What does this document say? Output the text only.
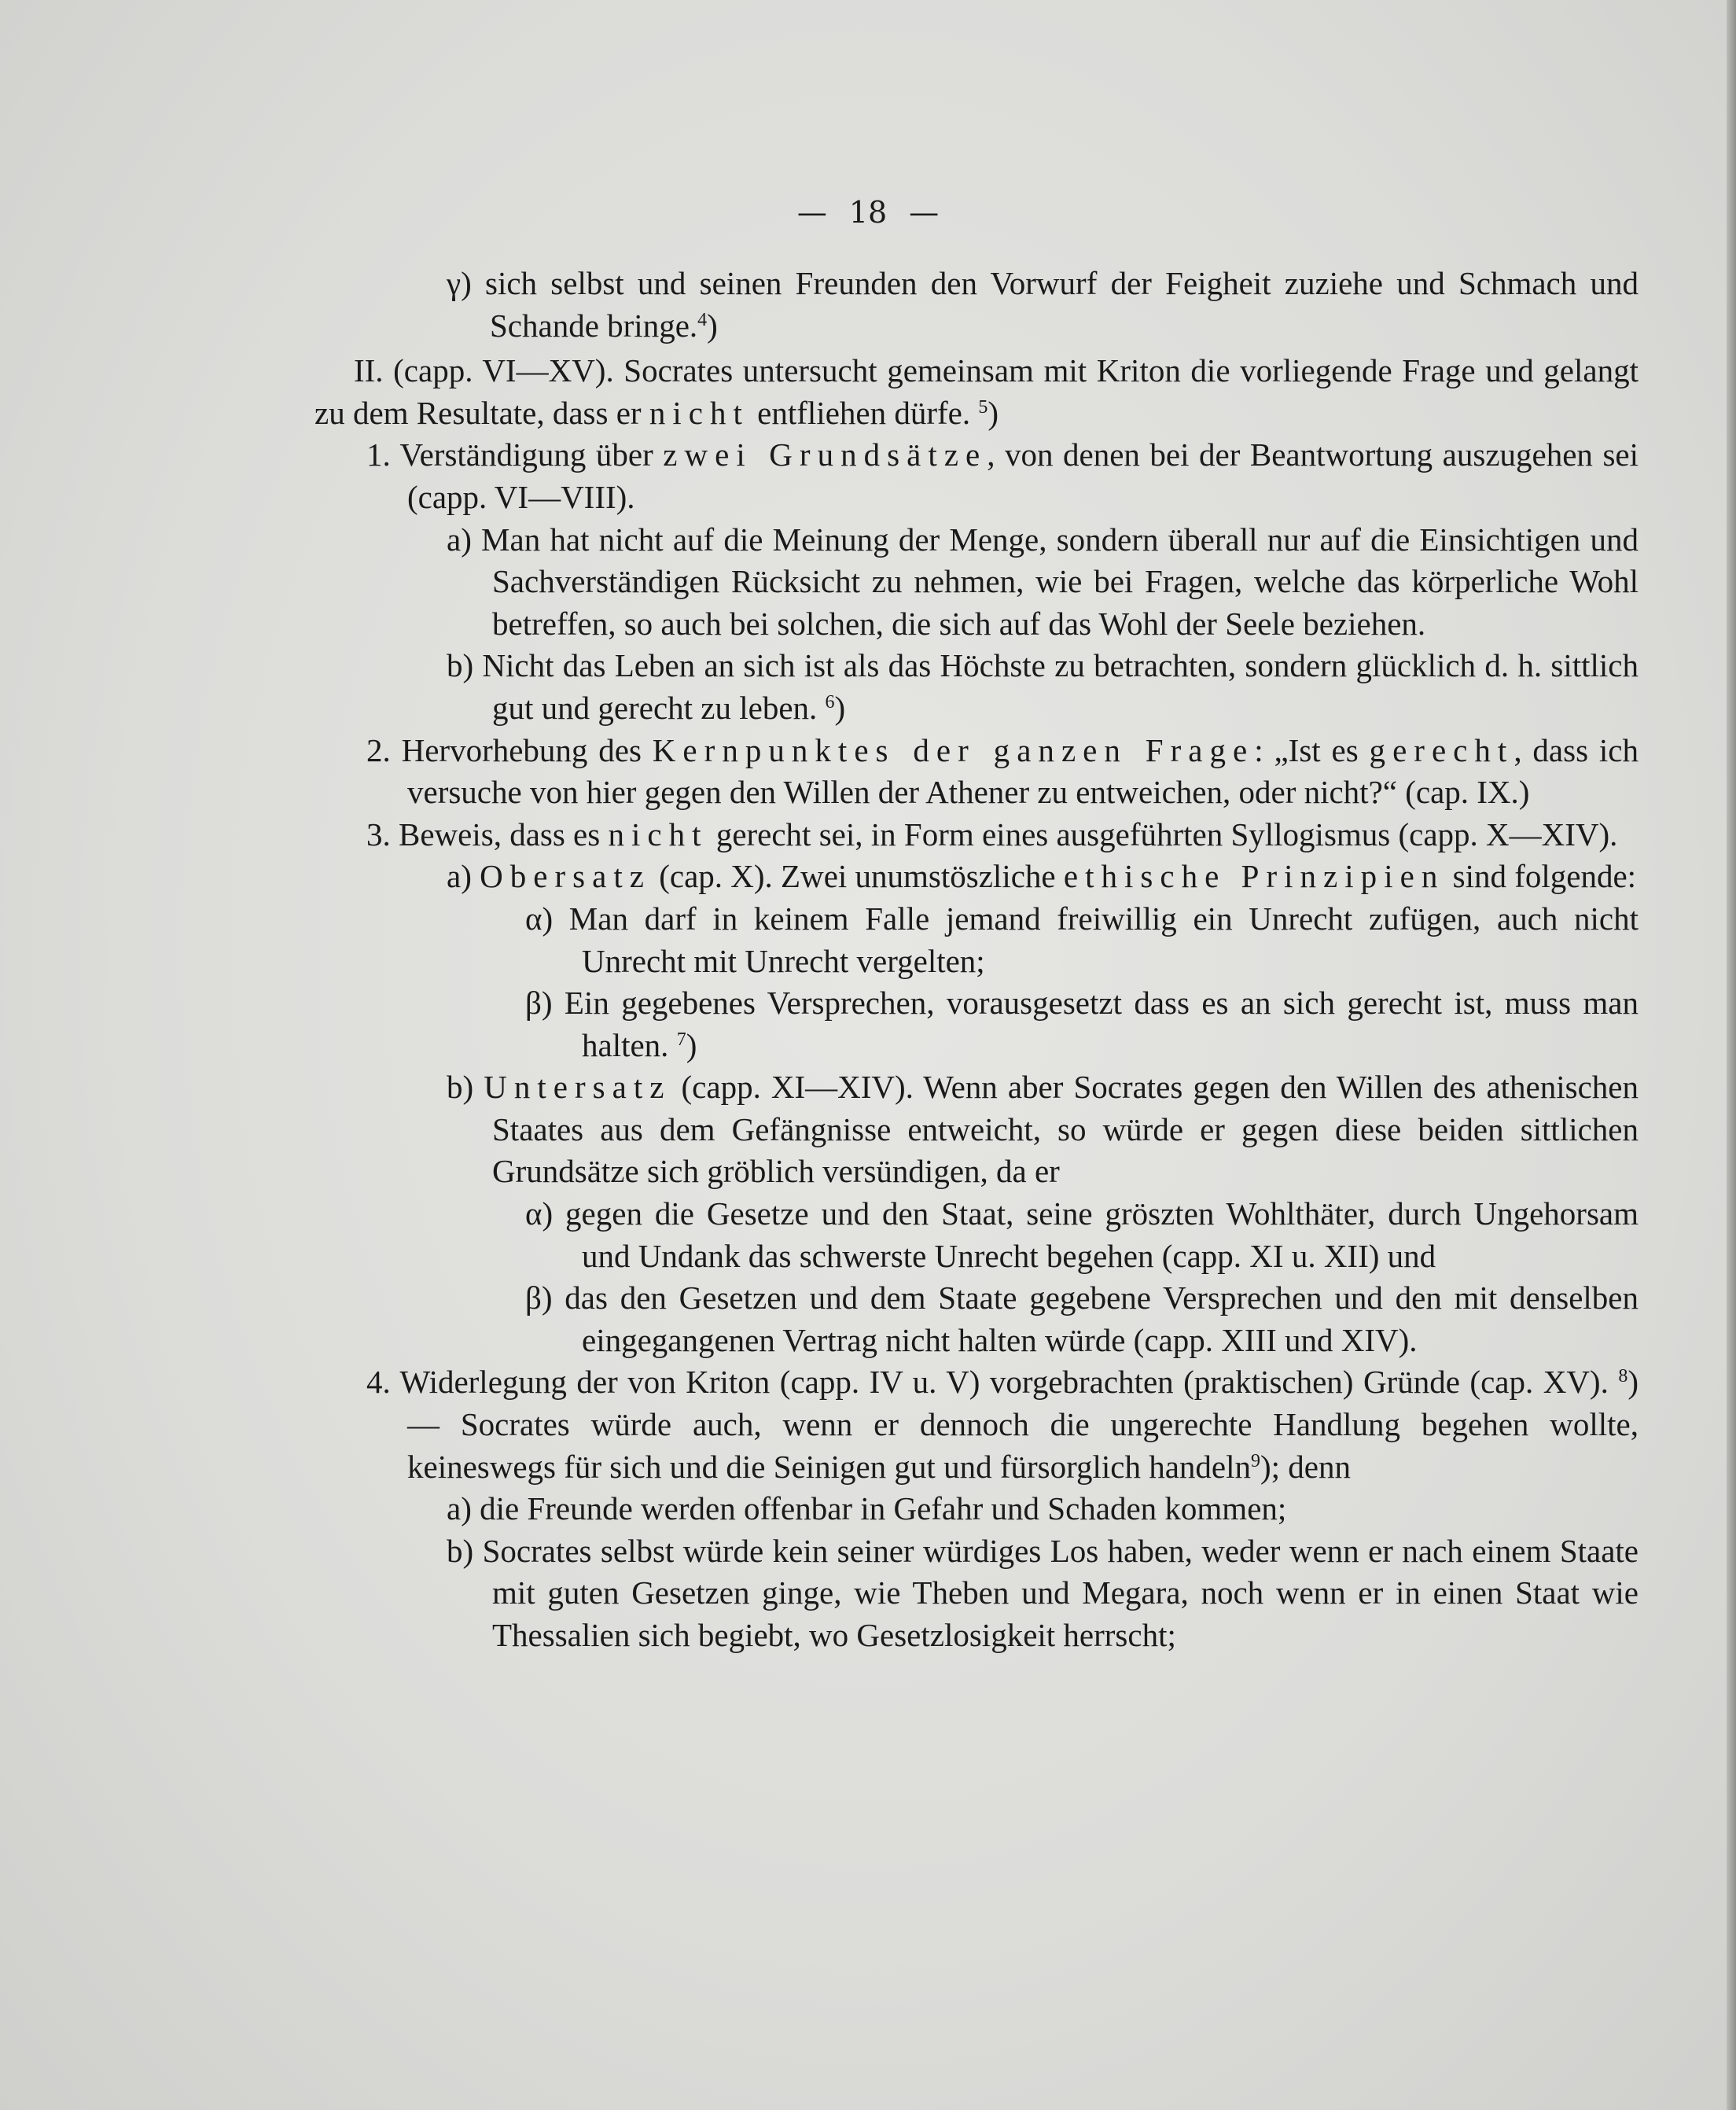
— 18 —
γ) sich selbst und seinen Freunden den Vorwurf der Feigheit zuziehe und Schmach und Schande bringe.$^4$)
II. (capp. VI—XV). Socrates untersucht gemeinsam mit Kriton die vorliegende Frage und gelangt zu dem Resultate, dass er nicht entfliehen dürfe. $^5$)
1. Verständigung über zwei Grundsätze, von denen bei der Beantwortung auszugehen sei (capp. VI—VIII).
a) Man hat nicht auf die Meinung der Menge, sondern überall nur auf die Einsichtigen und Sachverständigen Rücksicht zu nehmen, wie bei Fragen, welche das körperliche Wohl betreffen, so auch bei solchen, die sich auf das Wohl der Seele beziehen.
b) Nicht das Leben an sich ist als das Höchste zu betrachten, sondern glücklich d. h. sittlich gut und gerecht zu leben. $^6$)
2. Hervorhebung des Kernpunktes der ganzen Frage: „Ist es gerecht, dass ich versuche von hier gegen den Willen der Athener zu entweichen, oder nicht?“ (cap. IX.)
3. Beweis, dass es nicht gerecht sei, in Form eines ausgeführten Syllogismus (capp. X—XIV).
a) Obersatz (cap. X). Zwei unumstöszliche ethische Prinzipien sind folgende:
α) Man darf in keinem Falle jemand freiwillig ein Unrecht zufügen, auch nicht Unrecht mit Unrecht vergelten;
β) Ein gegebenes Versprechen, vorausgesetzt dass es an sich gerecht ist, muss man halten. $^7$)
b) Untersatz (capp. XI—XIV). Wenn aber Socrates gegen den Willen des athenischen Staates aus dem Gefängnisse entweicht, so würde er gegen diese beiden sittlichen Grundsätze sich gröblich versündigen, da er
α) gegen die Gesetze und den Staat, seine gröszten Wohlthäter, durch Ungehorsam und Undank das schwerste Unrecht begehen (capp. XI u. XII) und
β) das den Gesetzen und dem Staate gegebene Versprechen und den mit denselben eingegangenen Vertrag nicht halten würde (capp. XIII und XIV).
4. Widerlegung der von Kriton (capp. IV u. V) vorgebrachten (praktischen) Gründe (cap. XV). $^8$) — Socrates würde auch, wenn er dennoch die ungerechte Handlung begehen wollte, keineswegs für sich und die Seinigen gut und fürsorglich handeln$^9$); denn
a) die Freunde werden offenbar in Gefahr und Schaden kommen;
b) Socrates selbst würde kein seiner würdiges Los haben, weder wenn er nach einem Staate mit guten Gesetzen ginge, wie Theben und Megara, noch wenn er in einen Staat wie Thessalien sich begiebt, wo Gesetzlosigkeit herrscht;
